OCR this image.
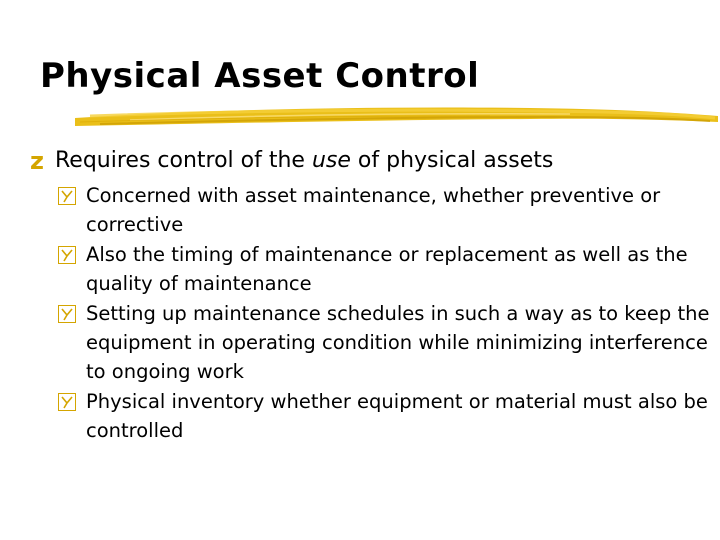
Physical Asset Control

z Requires control of the use of physical assets

Concerned with asset maintenance, whether preventive or corrective

Also the timing of maintenance or replacement as well as the quality of maintenance

Setting up maintenance schedules in such a way as to keep the equipment in operating condition while minimizing interference to ongoing work

Physical inventory whether equipment or material must also be controlled
